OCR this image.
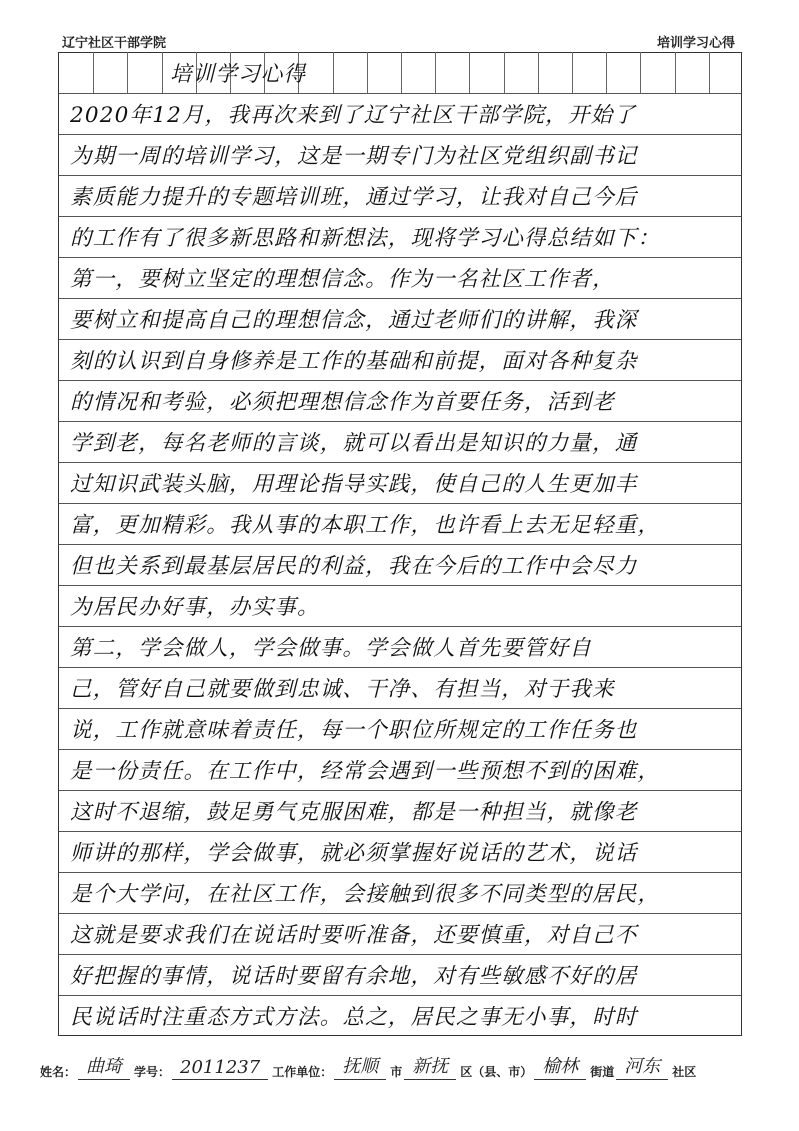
辽宁社区干部学院	培训学习心得
培训学习心得
2020年12月，我再次来到了辽宁社区干部学院，开始了
为期一周的培训学习，这是一期专门为社区党组织副书记
素质能力提升的专题培训班，通过学习，让我对自己今后
的工作有了很多新思路和新想法，现将学习心得总结如下：
第一，要树立坚定的理想信念。作为一名社区工作者，
要树立和提高自己的理想信念，通过老师们的讲解，我深
刻的认识到自身修养是工作的基础和前提，面对各种复杂
的情况和考验，必须把理想信念作为首要任务，活到老
学到老，每名老师的言谈，就可以看出是知识的力量，通
过知识武装头脑，用理论指导实践，使自己的人生更加丰
富，更加精彩。我从事的本职工作，也许看上去无足轻重，
但也关系到最基层居民的利益，我在今后的工作中会尽力
为居民办好事，办实事。
第二，学会做人，学会做事。学会做人首先要管好自
己，管好自己就要做到忠诚、干净、有担当，对于我来
说，工作就意味着责任，每一个职位所规定的工作任务也
是一份责任。在工作中，经常会遇到一些预想不到的困难，
这时不退缩，鼓足勇气克服困难，都是一种担当，就像老
师讲的那样，学会做事，就必须掌握好说话的艺术，说话
是个大学问，在社区工作，会接触到很多不同类型的居民，
这就是要求我们在说话时要听准备，还要慎重，对自己不
好把握的事情，说话时要留有余地，对有些敏感不好的居
民说话时注重态方式方法。总之，居民之事无小事，时时
姓名： 曲琦	学号： 2011237	工作单位： 抚顺	市 新抚	区（县、市） 榆林	街道 河东	社区
